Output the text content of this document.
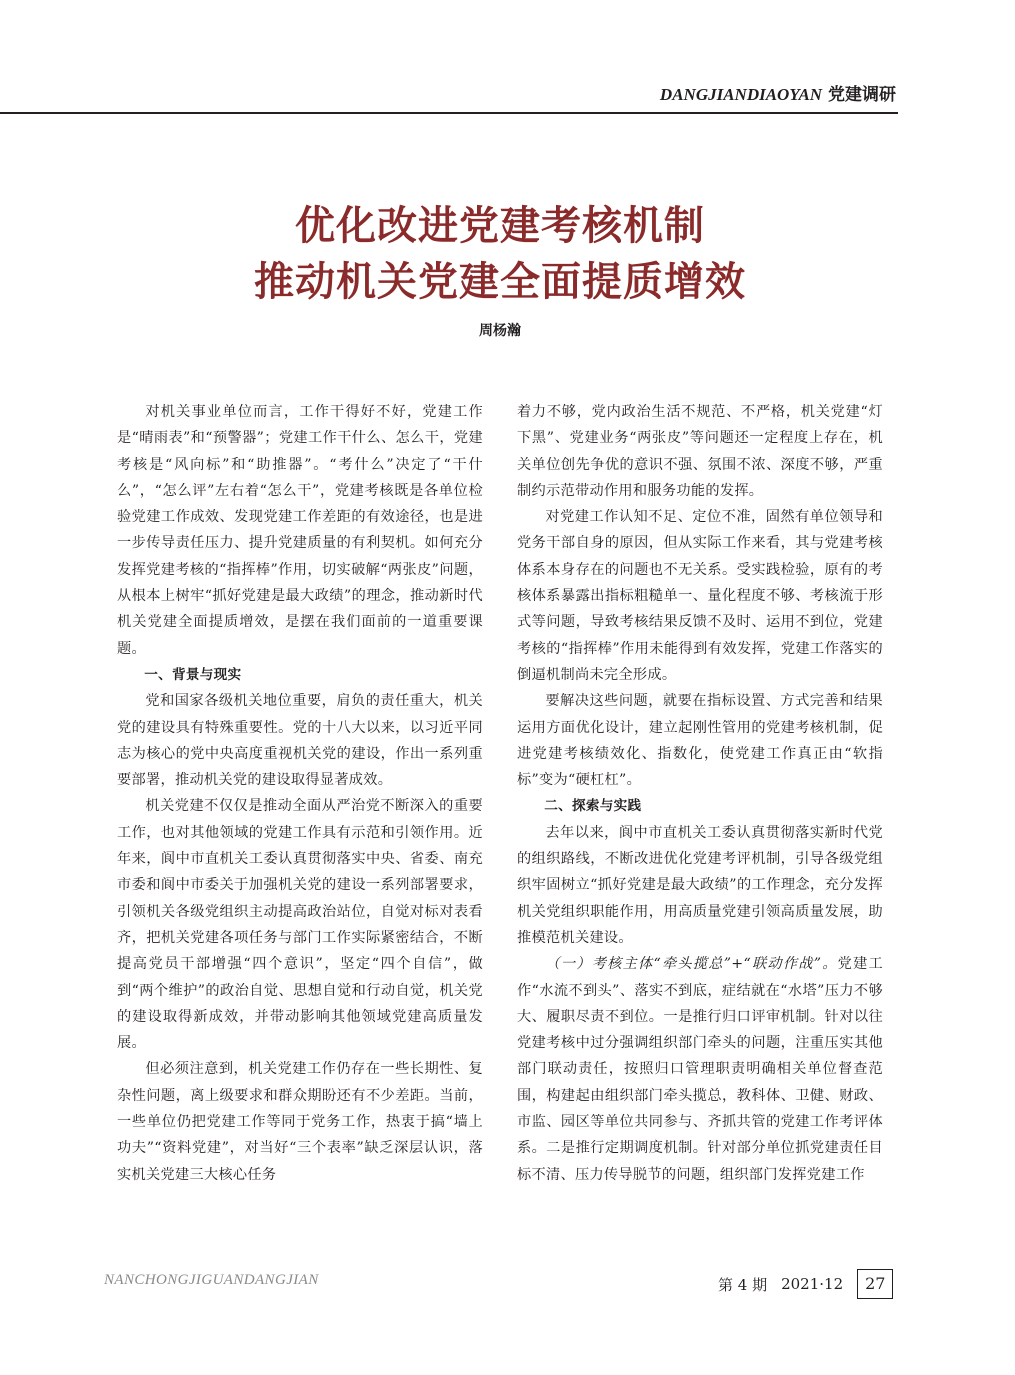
DANGJIANDIAOYAN 党建调研
优化改进党建考核机制
推动机关党建全面提质增效
周杨瀚

对机关事业单位而言，工作干得好不好，党建工作是“晴雨表”和“预警器”；党建工作干什么、怎么干，党建考核是“风向标”和“助推器”。“考什么”决定了“干什么”，“怎么评”左右着“怎么干”，党建考核既是各单位检验党建工作成效、发现党建工作差距的有效途径，也是进一步传导责任压力、提升党建质量的有利契机。如何充分发挥党建考核的“指挥棒”作用，切实破解“两张皮”问题，从根本上树牢“抓好党建是最大政绩”的理念，推动新时代机关党建全面提质增效，是摆在我们面前的一道重要课题。

一、背景与现实

党和国家各级机关地位重要，肩负的责任重大，机关党的建设具有特殊重要性。党的十八大以来，以习近平同志为核心的党中央高度重视机关党的建设，作出一系列重要部署，推动机关党的建设取得显著成效。

机关党建不仅仅是推动全面从严治党不断深入的重要工作，也对其他领域的党建工作具有示范和引领作用。近年来，阆中市直机关工委认真贯彻落实中央、省委、南充市委和阆中市委关于加强机关党的建设一系列部署要求，引领机关各级党组织主动提高政治站位，自觉对标对表看齐，把机关党建各项任务与部门工作实际紧密结合，不断提高党员干部增强“四个意识”，坚定“四个自信”，做到“两个维护”的政治自觉、思想自觉和行动自觉，机关党的建设取得新成效，并带动影响其他领域党建高质量发展。

但必须注意到，机关党建工作仍存在一些长期性、复杂性问题，离上级要求和群众期盼还有不少差距。当前，一些单位仍把党建工作等同于党务工作，热衷于搞“墙上功夫”“资料党建”，对当好“三个表率”缺乏深层认识，落实机关党建三大核心任务

着力不够，党内政治生活不规范、不严格，机关党建“灯下黑”、党建业务“两张皮”等问题还一定程度上存在，机关单位创先争优的意识不强、氛围不浓、深度不够，严重制约示范带动作用和服务功能的发挥。

对党建工作认知不足、定位不准，固然有单位领导和党务干部自身的原因，但从实际工作来看，其与党建考核体系本身存在的问题也不无关系。受实践检验，原有的考核体系暴露出指标粗糙单一、量化程度不够、考核流于形式等问题，导致考核结果反馈不及时、运用不到位，党建考核的“指挥棒”作用未能得到有效发挥，党建工作落实的倒逼机制尚未完全形成。

要解决这些问题，就要在指标设置、方式完善和结果运用方面优化设计，建立起刚性管用的党建考核机制，促进党建考核绩效化、指数化，使党建工作真正由“软指标”变为“硬杠杠”。

二、探索与实践

去年以来，阆中市直机关工委认真贯彻落实新时代党的组织路线，不断改进优化党建考评机制，引导各级党组织牢固树立“抓好党建是最大政绩”的工作理念，充分发挥机关党组织职能作用，用高质量党建引领高质量发展，助推模范机关建设。

（一）考核主体“牵头揽总”+“联动作战”。党建工作“水流不到头”、落实不到底，症结就在“水塔”压力不够大、履职尽责不到位。一是推行归口评审机制。针对以往党建考核中过分强调组织部门牵头的问题，注重压实其他部门联动责任，按照归口管理职责明确相关单位督查范围，构建起由组织部门牵头揽总，教科体、卫健、财政、市监、园区等单位共同参与、齐抓共管的党建工作考评体系。二是推行定期调度机制。针对部分单位抓党建责任目标不清、压力传导脱节的问题，组织部门发挥党建工作

NANCHONGJIGUANDANGJIAN	第 4 期 2021·12	27
